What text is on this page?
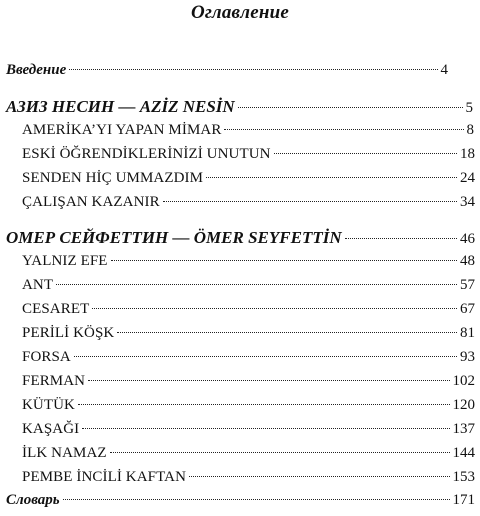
Оглавление
Введение	4
АЗИЗ НЕСИН — AZİZ NESİN	5
AMERİKA’YI YAPAN MİMAR	8
ESKİ ÖĞRENDİKLERİNİZİ UNUTUN	18
SENDEN HİÇ UMMAZDIM	24
ÇALIŞAN KAZANIR	34
ОМЕР СЕЙФЕТТИН — ÖMER SEYFETTİN	46
YALNIZ EFE	48
ANT	57
CESARET	67
PERİLİ KÖŞK	81
FORSA	93
FERMAN	102
KÜTÜK	120
KAŞAĞI	137
İLK NAMAZ	144
PEMBE İNCİLİ KAFTAN	153
Словарь	171
